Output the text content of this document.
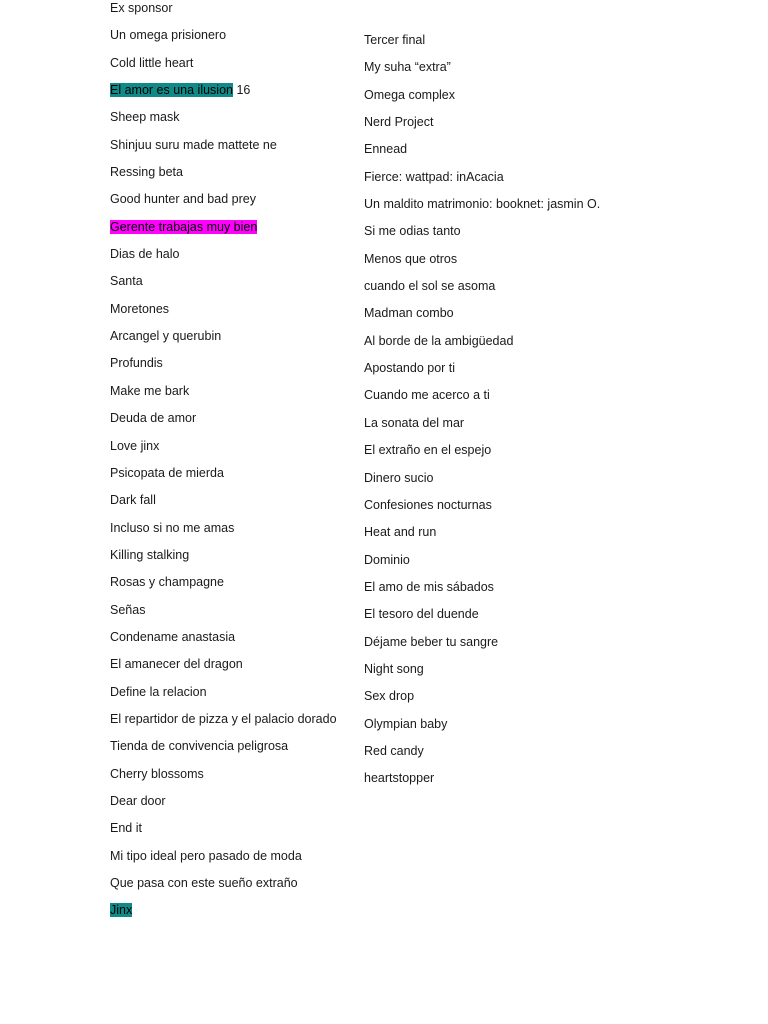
Ex sponsor
Un omega prisionero
Cold little heart
El amor es una ilusion 16
Sheep mask
Shinjuu suru made mattete ne
Ressing beta
Good hunter and bad prey
Gerente trabajas muy bien
Dias de halo
Santa
Moretones
Arcangel y querubin
Profundis
Make me bark
Deuda de amor
Love jinx
Psicopata de mierda
Dark fall
Incluso si no me amas
Killing stalking
Rosas y champagne
Señas
Condename anastasia
El amanecer del dragon
Define la relacion
El repartidor de pizza y el palacio dorado
Tienda de convivencia peligrosa
Cherry blossoms
Dear door
End it
Mi tipo ideal pero pasado de moda
Que pasa con este sueño extraño
Jinx
Tercer final
My suha “extra”
Omega complex
Nerd Project
Ennead
Fierce: wattpad: inAcacia
Un maldito matrimonio: booknet: jasmin O.
Si me odias tanto
Menos que otros
cuando el sol se asoma
Madman combo
Al borde de la ambigüedad
Apostando por ti
Cuando me acerco a ti
La sonata del mar
El extraño en el espejo
Dinero sucio
Confesiones nocturnas
Heat and run
Dominio
El amo de mis sábados
El tesoro del duende
Déjame beber tu sangre
Night song
Sex drop
Olympian baby
Red candy
heartstopper
